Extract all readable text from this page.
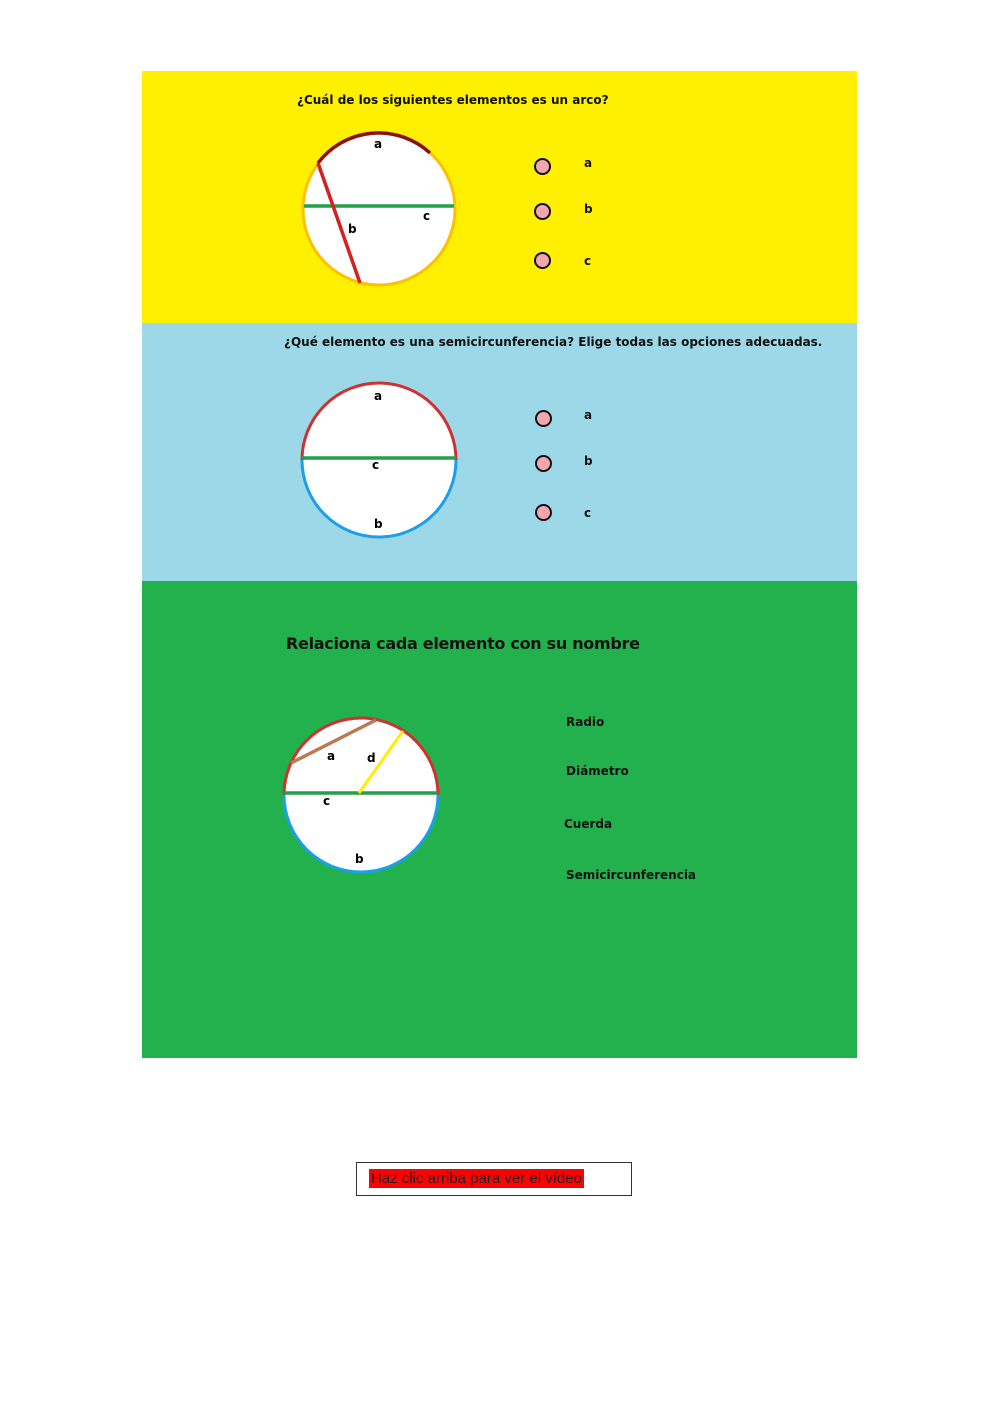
¿Cuál de los siguientes elementos es un arco?
a
b
c
a
b
c
¿Qué elemento es una semicircunferencia? Elige todas las opciones adecuadas.
a
c
b
a
b
c
Relaciona cada elemento con su nombre
a	d
c
b
Radio
Diámetro
Cuerda
Semicircunferencia
Haz clic arriba para ver el vídeo
